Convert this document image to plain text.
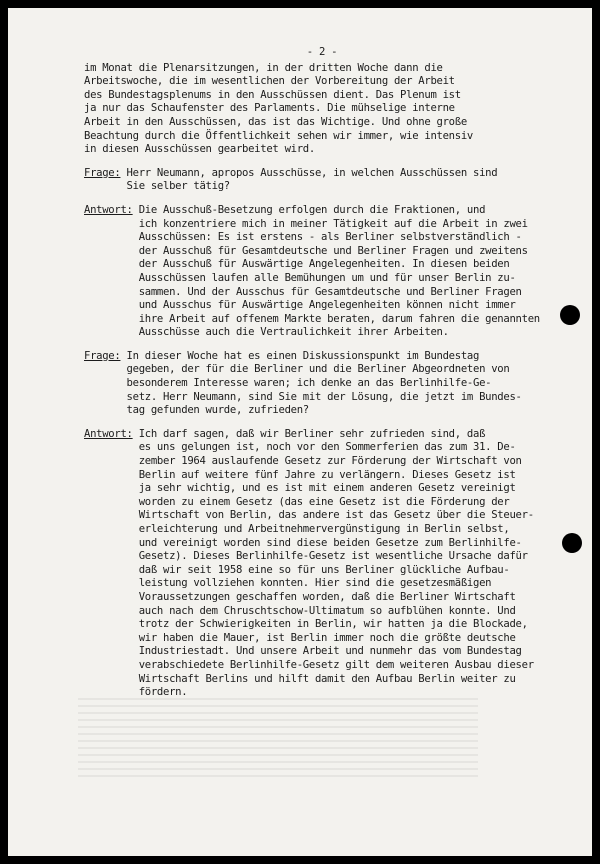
- 2 -
im Monat die Plenarsitzungen, in der dritten Woche dann die
Arbeitswoche, die im wesentlichen der Vorbereitung der Arbeit
des Bundestagsplenums in den Ausschüssen dient. Das Plenum ist
ja nur das Schaufenster des Parlaments. Die mühselige interne
Arbeit in den Ausschüssen, das ist das Wichtige. Und ohne große
Beachtung durch die Öffentlichkeit sehen wir immer, wie intensiv
in diesen Ausschüssen gearbeitet wird.
Frage: Herr Neumann, apropos Ausschüsse, in welchen Ausschüssen sind
Sie selber tätig?
Antwort: Die Ausschuß-Besetzung erfolgen durch die Fraktionen, und
ich konzentriere mich in meiner Tätigkeit auf die Arbeit in zwei
Ausschüssen: Es ist erstens - als Berliner selbstverständlich -
der Ausschuß für Gesamtdeutsche und Berliner Fragen und zweitens
der Ausschuß für Auswärtige Angelegenheiten. In diesen beiden
Ausschüssen laufen alle Bemühungen um und für unser Berlin zu-
sammen. Und der Ausschus für Gesamtdeutsche und Berliner Fragen
und Ausschus für Auswärtige Angelegenheiten können nicht immer
ihre Arbeit auf offenem Markte beraten, darum fahren die genannten
Ausschüsse auch die Vertraulichkeit ihrer Arbeiten.
Frage: In dieser Woche hat es einen Diskussionspunkt im Bundestag
gegeben, der für die Berliner und die Berliner Abgeordneten von
besonderem Interesse waren; ich denke an das Berlinhilfe-Ge-
setz. Herr Neumann, sind Sie mit der Lösung, die jetzt im Bundes-
tag gefunden wurde, zufrieden?
Antwort: Ich darf sagen, daß wir Berliner sehr zufrieden sind, daß
es uns gelungen ist, noch vor den Sommerferien das zum 31. De-
zember 1964 auslaufende Gesetz zur Förderung der Wirtschaft von
Berlin auf weitere fünf Jahre zu verlängern. Dieses Gesetz ist
ja sehr wichtig, und es ist mit einem anderen Gesetz vereinigt
worden zu einem Gesetz (das eine Gesetz ist die Förderung der
Wirtschaft von Berlin, das andere ist das Gesetz über die Steuer-
erleichterung und Arbeitnehmervergünstigung in Berlin selbst,
und vereinigt worden sind diese beiden Gesetze zum Berlinhilfe-
Gesetz). Dieses Berlinhilfe-Gesetz ist wesentliche Ursache dafür
daß wir seit 1958 eine so für uns Berliner glückliche Aufbau-
leistung vollziehen konnten. Hier sind die gesetzesmäßigen
Voraussetzungen geschaffen worden, daß die Berliner Wirtschaft
auch nach dem Chruschtschow-Ultimatum so aufblühen konnte. Und
trotz der Schwierigkeiten in Berlin, wir hatten ja die Blockade,
wir haben die Mauer, ist Berlin immer noch die größte deutsche
Industriestadt. Und unsere Arbeit und nunmehr das vom Bundestag
verabschiedete Berlinhilfe-Gesetz gilt dem weiteren Ausbau dieser
Wirtschaft Berlins und hilft damit den Aufbau Berlin weiter zu
fördern.
